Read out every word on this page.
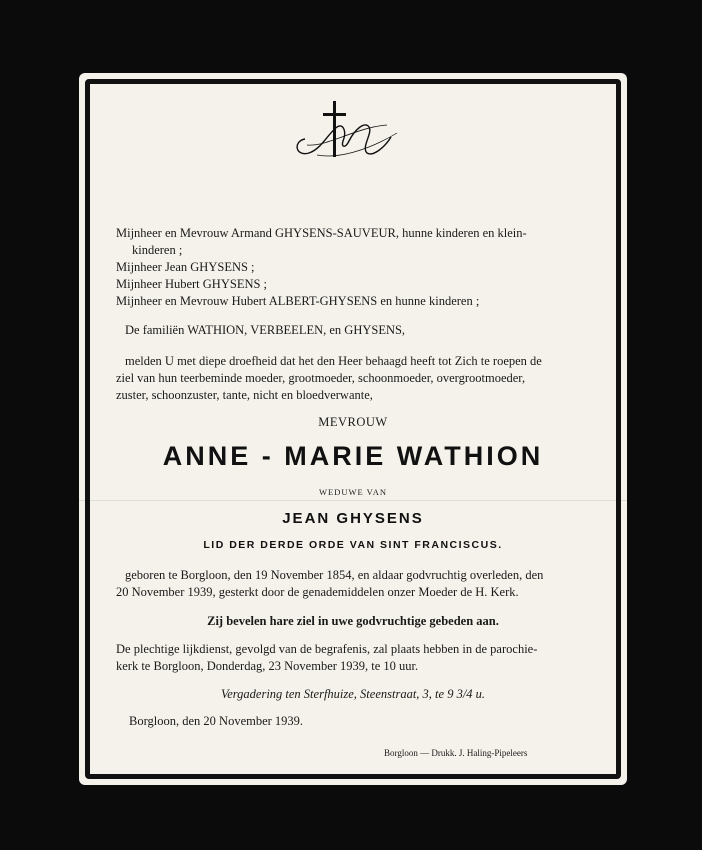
Mijnheer en Mevrouw Armand GHYSENS-SAUVEUR, hunne kinderen en klein-
kinderen ;
Mijnheer Jean GHYSENS ;
Mijnheer Hubert GHYSENS ;
Mijnheer en Mevrouw Hubert ALBERT-GHYSENS en hunne kinderen ;
De familiën WATHION, VERBEELEN, en GHYSENS,
melden U met diepe droefheid dat het den Heer behaagd heeft tot Zich te roepen de
ziel van hun teerbeminde moeder, grootmoeder, schoonmoeder, overgrootmoeder,
zuster, schoonzuster, tante, nicht en bloedverwante,
MEVROUW
ANNE - MARIE WATHION
WEDUWE VAN
JEAN GHYSENS
LID DER DERDE ORDE VAN SINT FRANCISCUS.
geboren te Borgloon, den 19 November 1854, en aldaar godvruchtig overleden, den
20 November 1939, gesterkt door de genademiddelen onzer Moeder de H. Kerk.
Zij bevelen hare ziel in uwe godvruchtige gebeden aan.
De plechtige lijkdienst, gevolgd van de begrafenis, zal plaats hebben in de parochie-
kerk te Borgloon, Donderdag, 23 November 1939, te 10 uur.
Vergadering ten Sterfhuize, Steenstraat, 3, te 9 3/4 u.
Borgloon, den 20 November 1939.
Borgloon — Drukk. J. Haling-Pipeleers
